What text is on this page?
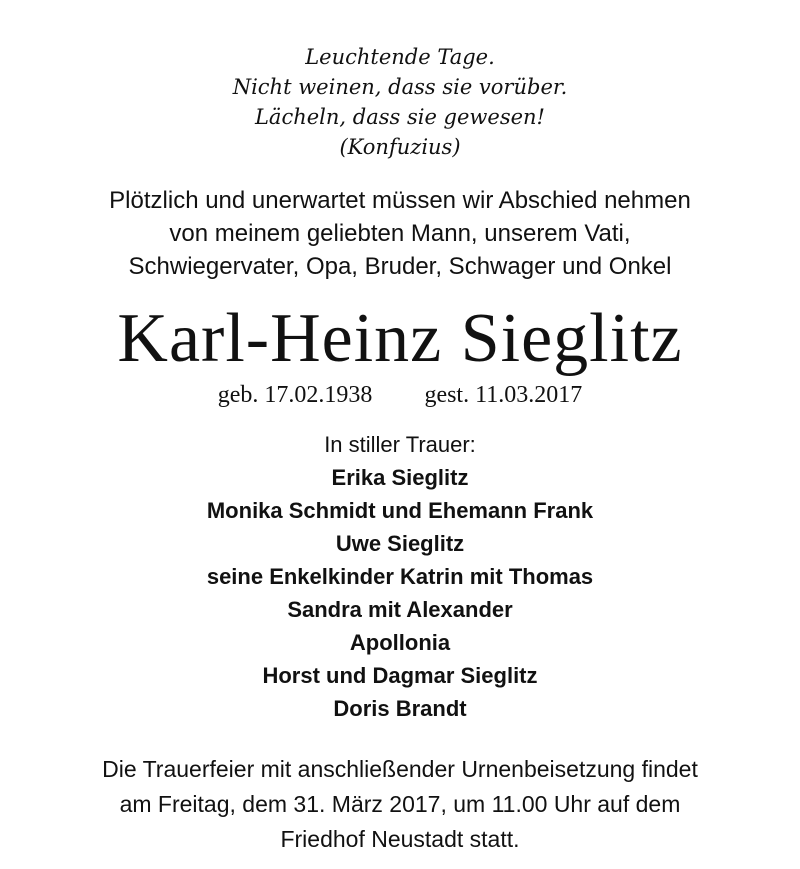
Leuchtende Tage.
Nicht weinen, dass sie vorüber.
Lächeln, dass sie gewesen!
(Konfuzius)
Plötzlich und unerwartet müssen wir Abschied nehmen
von meinem geliebten Mann, unserem Vati,
Schwiegervater, Opa, Bruder, Schwager und Onkel
Karl-Heinz Sieglitz
geb. 17.02.1938 gest. 11.03.2017
In stiller Trauer:
Erika Sieglitz
Monika Schmidt und Ehemann Frank
Uwe Sieglitz
seine Enkelkinder Katrin mit Thomas
Sandra mit Alexander
Apollonia
Horst und Dagmar Sieglitz
Doris Brandt
Die Trauerfeier mit anschließender Urnenbeisetzung findet
am Freitag, dem 31. März 2017, um 11.00 Uhr auf dem
Friedhof Neustadt statt.
